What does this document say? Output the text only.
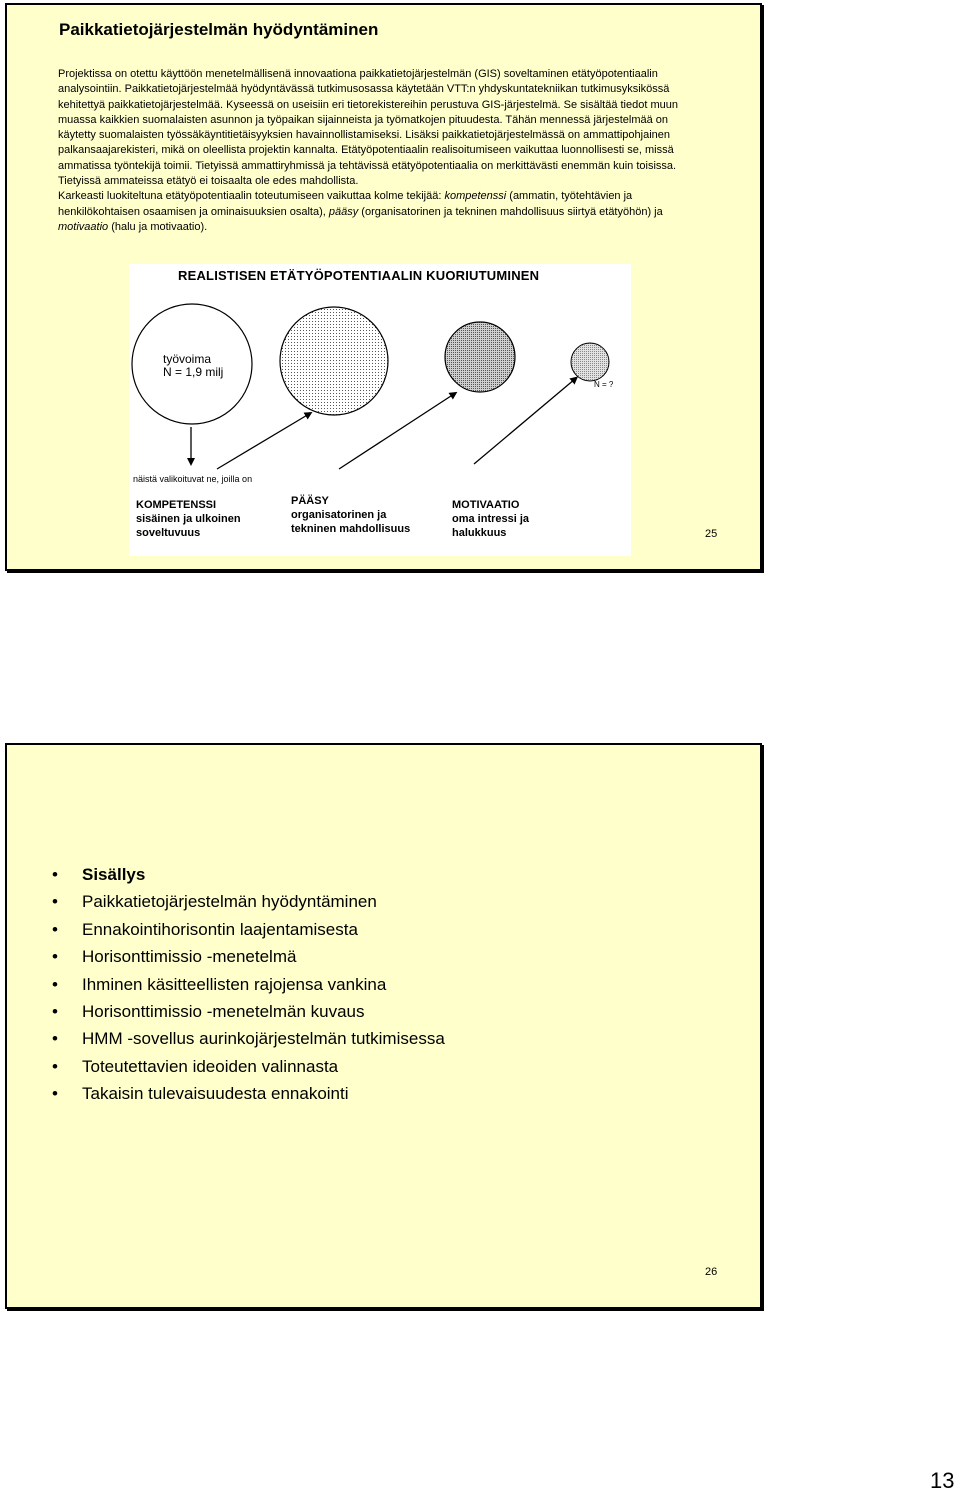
Paikkatietojärjestelmän hyödyntäminen

Projektissa on otettu käyttöön menetelmällisenä innovaationa paikkatietojärjestelmän (GIS) soveltaminen etätyöpotentiaalin analysointiin. Paikkatietojärjestelmää hyödyntävässä tutkimusosassa käytetään VTT:n yhdyskuntatekniikan tutkimusyksikössä kehitettyä paikkatietojärjestelmää. Kyseessä on useisiin eri tietorekistereihin perustuva GIS-järjestelmä. Se sisältää tiedot muun muassa kaikkien suomalaisten asunnon ja työpaikan sijainneista ja työmatkojen pituudesta. Tähän mennessä järjestelmää on käytetty suomalaisten työssäkäyntitietäisyyksien havainnollistamiseksi. Lisäksi paikkatietojärjestelmässä on ammattipohjainen palkansaajarekisteri, mikä on oleellista projektin kannalta. Etätyöpotentiaalin realisoitumiseen vaikuttaa luonnollisesti se, missä ammatissa työntekijä toimii. Tietyissä ammattiryhmissä ja tehtävissä etätyöpotentiaalia on merkittävästi enemmän kuin toisissa. Tietyissä ammateissa etätyö ei toisaalta ole edes mahdollista.

Karkeasti luokiteltuna etätyöpotentiaalin toteutumiseen vaikuttaa kolme tekijää: kompetenssi (ammatin, työtehtävien ja henkilökohtaisen osaamisen ja ominaisuuksien osalta), pääsy (organisatorinen ja tekninen mahdollisuus siirtyä etätyöhön) ja motivaatio (halu ja motivaatio).

REALISTISEN ETÄTYÖPOTENTIAALIN KUORIUTUMINEN
työvoima
N = 1,9 milj
N = ?
näistä valikoituvat ne, joilla on
KOMPETENSSI
sisäinen ja ulkoinen
soveltuvuus
PÄÄSY
organisatorinen ja
tekninen mahdollisuus
MOTIVAATIO
oma intressi ja
halukkuus	25
• Sisällys
• Paikkatietojärjestelmän hyödyntäminen
• Ennakointihorisontin laajentamisesta
• Horisonttimissio -menetelmä
• Ihminen käsitteellisten rajojensa vankina
• Horisonttimissio -menetelmän kuvaus
• HMM -sovellus aurinkojärjestelmän tutkimisessa
• Toteutettavien ideoiden valinnasta
• Takaisin tulevaisuudesta ennakointi
26
13
